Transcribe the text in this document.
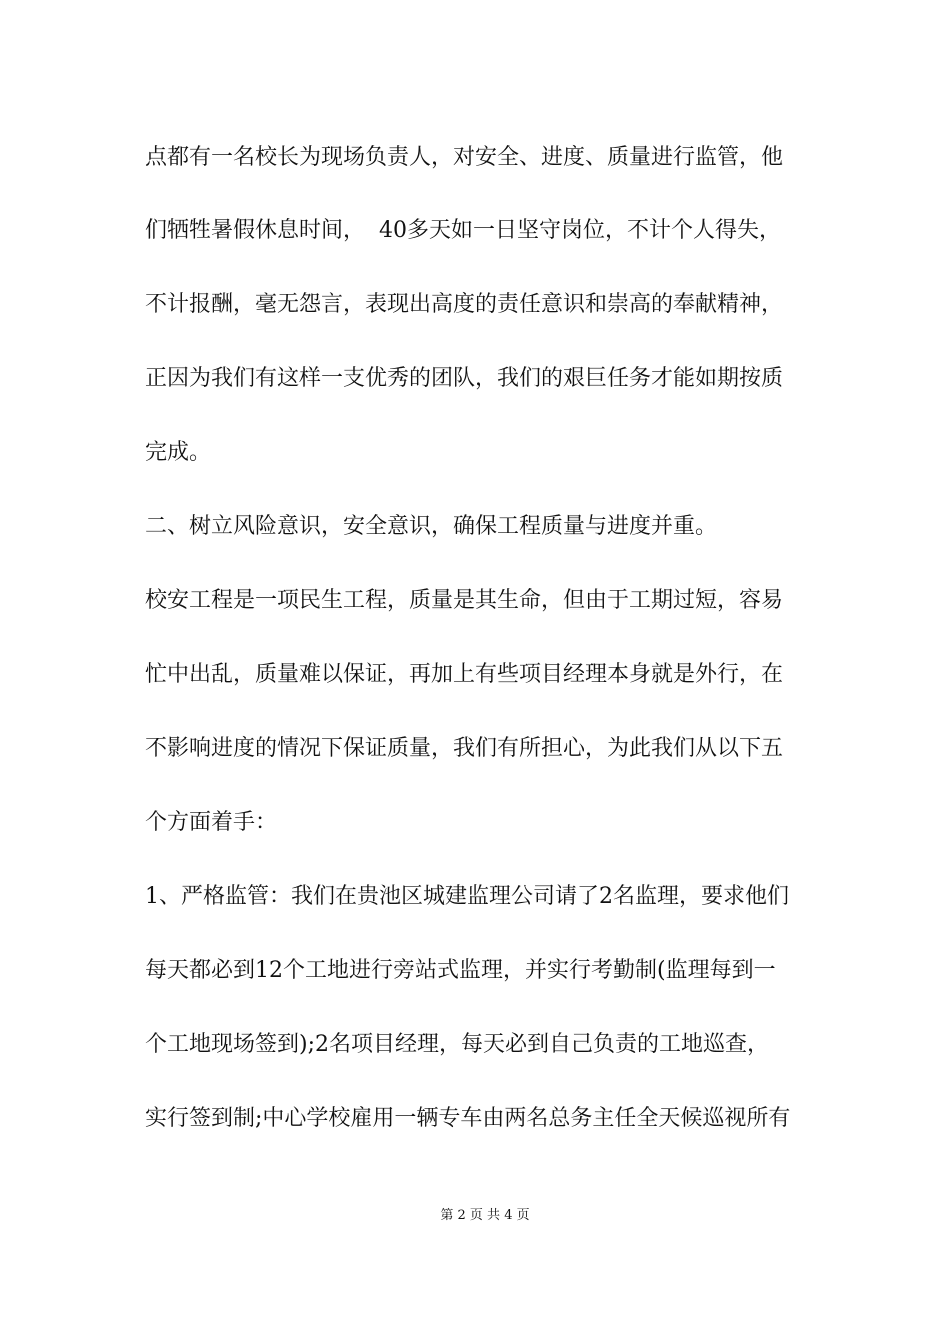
点都有一名校长为现场负责人，对安全、进度、质量进行监管，他
们牺牲暑假休息时间，  40多天如一日坚守岗位，不计个人得失，
不计报酬，毫无怨言，表现出高度的责任意识和崇高的奉献精神，
正因为我们有这样一支优秀的团队，我们的艰巨任务才能如期按质
完成。
二、树立风险意识，安全意识，确保工程质量与进度并重。
校安工程是一项民生工程，质量是其生命，但由于工期过短，容易
忙中出乱，质量难以保证，再加上有些项目经理本身就是外行，在
不影响进度的情况下保证质量，我们有所担心，为此我们从以下五
个方面着手：
1、严格监管：我们在贵池区城建监理公司请了2名监理，要求他们
每天都必到12个工地进行旁站式监理，并实行考勤制(监理每到一
个工地现场签到);2名项目经理，每天必到自己负责的工地巡查，
实行签到制;中心学校雇用一辆专车由两名总务主任全天候巡视所有
第 2 页 共 4 页
